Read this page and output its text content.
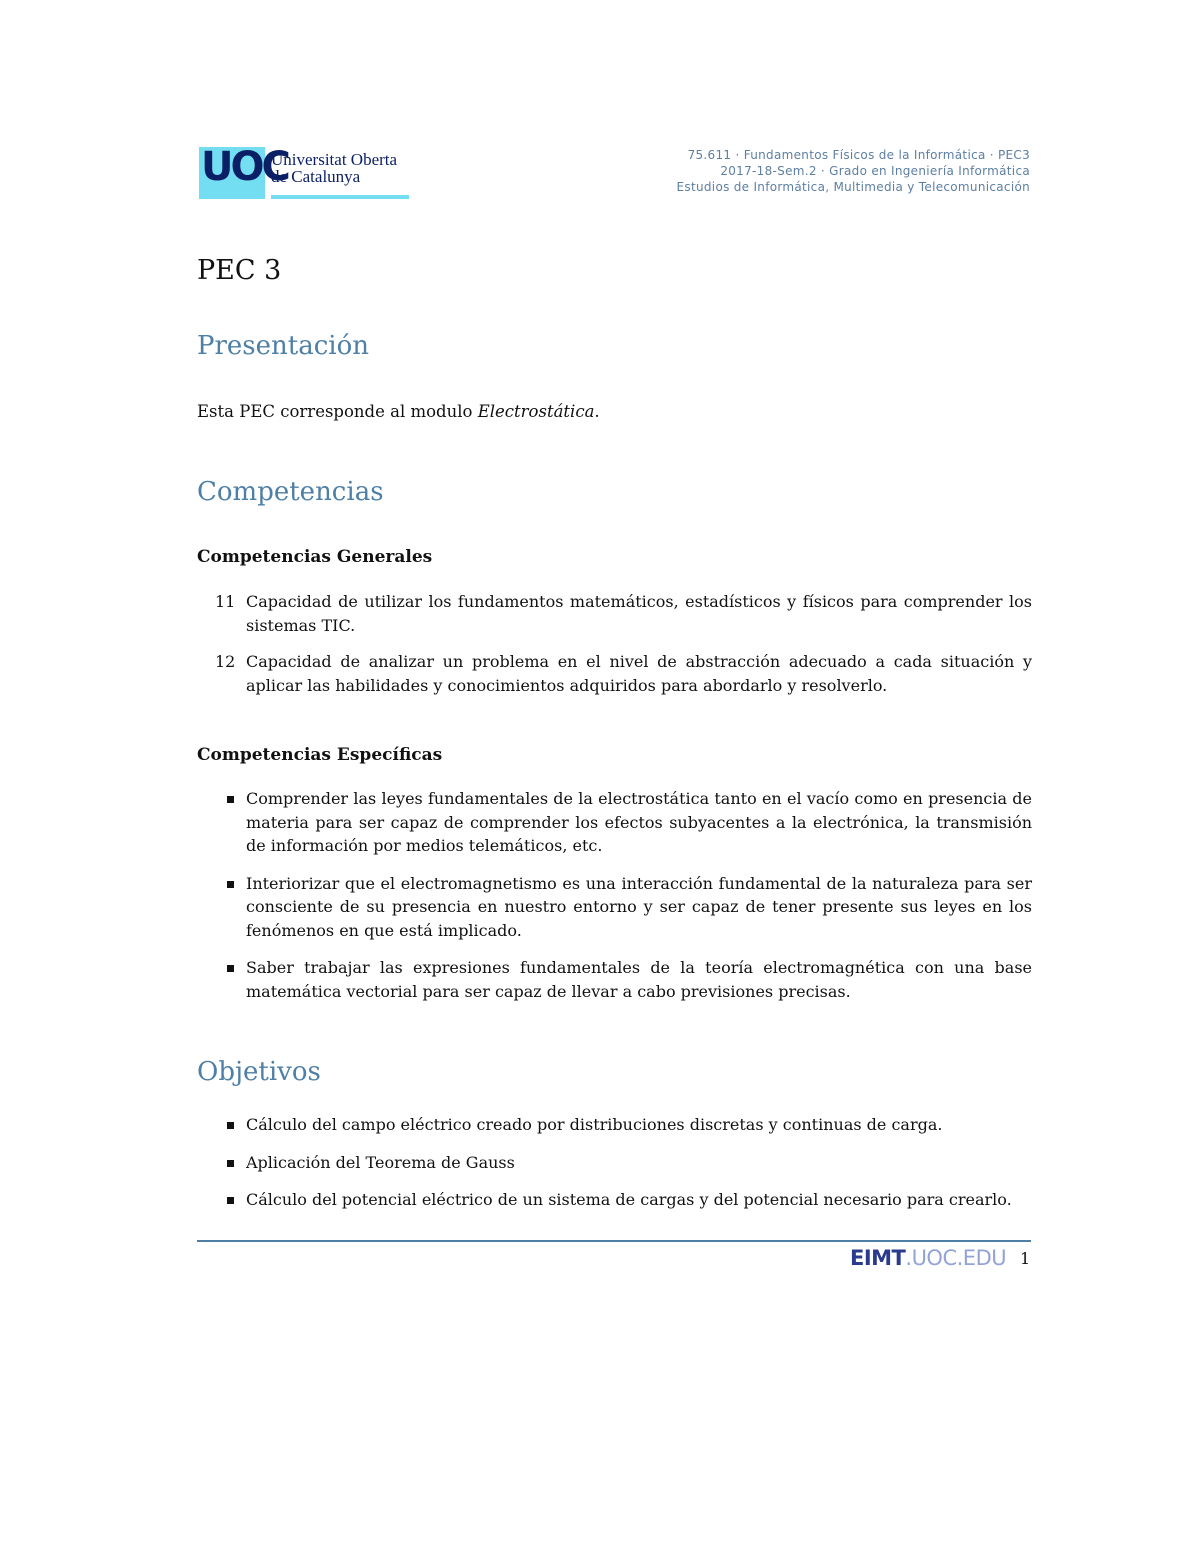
UOC
Universitat Oberta
de Catalunya
75.611 · Fundamentos Físicos de la Informática · PEC3
2017-18-Sem.2 · Grado en Ingeniería Informática
Estudios de Informática, Multimedia y Telecomunicación
PEC 3
Presentación

Esta PEC corresponde al modulo Electrostática.

Competencias
Competencias Generales
11 Capacidad de utilizar los fundamentos matemáticos, estadísticos y físicos para comprender los sistemas TIC.
12 Capacidad de analizar un problema en el nivel de abstracción adecuado a cada situación y aplicar las habilidades y conocimientos adquiridos para abordarlo y resolverlo.
Competencias Específicas
Comprender las leyes fundamentales de la electrostática tanto en el vacío como en presencia de materia para ser capaz de comprender los efectos subyacentes a la electrónica, la transmisión de información por medios telemáticos, etc.
Interiorizar que el electromagnetismo es una interacción fundamental de la naturaleza para ser consciente de su presencia en nuestro entorno y ser capaz de tener presente sus leyes en los fenómenos en que está implicado.
Saber trabajar las expresiones fundamentales de la teoría electromagnética con una base matemática vectorial para ser capaz de llevar a cabo previsiones precisas.
Objetivos
Cálculo del campo eléctrico creado por distribuciones discretas y continuas de carga.
Aplicación del Teorema de Gauss
Cálculo del potencial eléctrico de un sistema de cargas y del potencial necesario para crearlo.
EIMT.UOC.EDU 1
